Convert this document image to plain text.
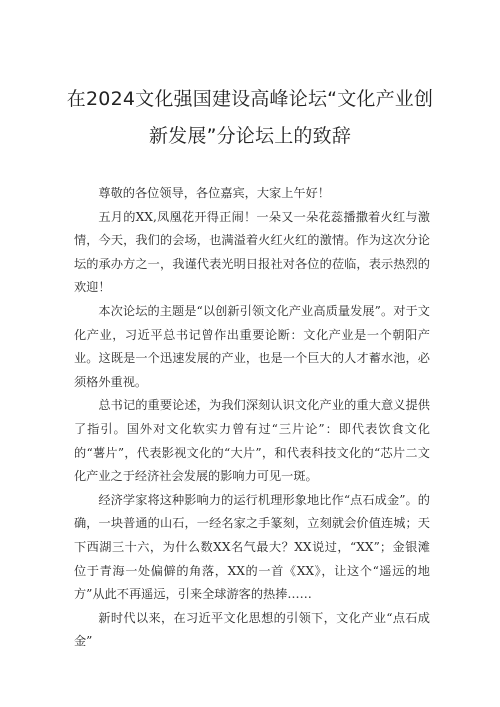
在2024文化强国建设高峰论坛“文化产业创
新发展”分论坛上的致辞

尊敬的各位领导，各位嘉宾，大家上午好！

五月的XX,凤凰花开得正闹！一朵又一朵花蕊播撒着火红与激情，今天，我们的会场，也满溢着火红火红的激情。作为这次分论坛的承办方之一，我谨代表光明日报社对各位的莅临，表示热烈的欢迎！

本次论坛的主题是“以创新引领文化产业高质量发展”。对于文化产业，习近平总书记曾作出重要论断：文化产业是一个朝阳产业。这既是一个迅速发展的产业，也是一个巨大的人才蓄水池，必须格外重视。

总书记的重要论述，为我们深刻认识文化产业的重大意义提供了指引。国外对文化软实力曾有过“三片论”：即代表饮食文化的“薯片”，代表影视文化的“大片”，和代表科技文化的“芯片二文化产业之于经济社会发展的影响力可见一斑。

经济学家将这种影响力的运行机理形象地比作“点石成金”。的确，一块普通的山石，一经名家之手篆刻，立刻就会价值连城；天下西湖三十六，为什么数XX名气最大？XX说过，“XX”；金银滩位于青海一处偏僻的角落，XX的一首《XX》，让这个“遥远的地方”从此不再遥远，引来全球游客的热捧……

新时代以来，在习近平文化思想的引领下，文化产业“点石成金”
